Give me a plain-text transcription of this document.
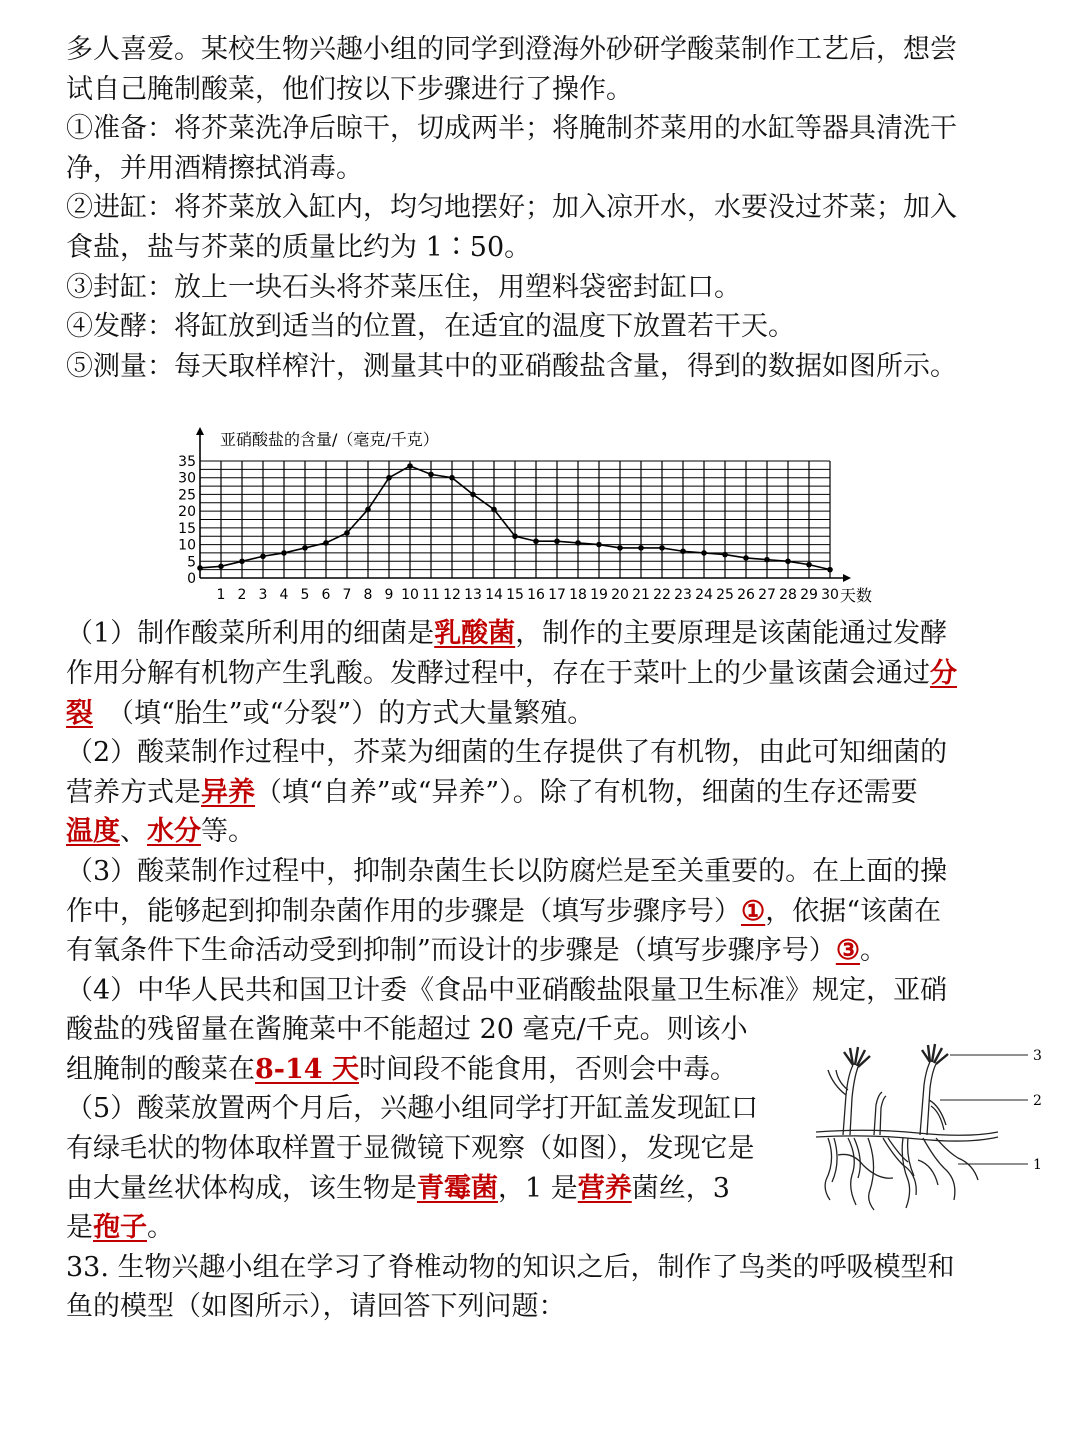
多人喜爱。某校生物兴趣小组的同学到澄海外砂研学酸菜制作工艺后，想尝
试自己腌制酸菜，他们按以下步骤进行了操作。
①准备：将芥菜洗净后晾干，切成两半；将腌制芥菜用的水缸等器具清洗干
净，并用酒精擦拭消毒。
②进缸：将芥菜放入缸内，均匀地摆好；加入凉开水，水要没过芥菜；加入
食盐，盐与芥菜的质量比约为 1∶50。
③封缸：放上一块石头将芥菜压住，用塑料袋密封缸口。
④发酵：将缸放到适当的位置，在适宜的温度下放置若干天。
⑤测量：每天取样榨汁，测量其中的亚硝酸盐含量，得到的数据如图所示。
（1）制作酸菜所利用的细菌是乳酸菌，制作的主要原理是该菌能通过发酵
作用分解有机物产生乳酸。发酵过程中，存在于菜叶上的少量该菌会通过分
裂 （填“胎生”或“分裂”）的方式大量繁殖。
（2）酸菜制作过程中，芥菜为细菌的生存提供了有机物，由此可知细菌的
营养方式是异养（填“自养”或“异养”）。除了有机物，细菌的生存还需要
温度、水分等。
（3）酸菜制作过程中，抑制杂菌生长以防腐烂是至关重要的。在上面的操
作中，能够起到抑制杂菌作用的步骤是（填写步骤序号）①，依据“该菌在
有氧条件下生命活动受到抑制”而设计的步骤是（填写步骤序号）③。
（4）中华人民共和国卫计委《食品中亚硝酸盐限量卫生标准》规定，亚硝
酸盐的残留量在酱腌菜中不能超过 20 毫克/千克。则该小
组腌制的酸菜在8-14 天时间段不能食用，否则会中毒。
（5）酸菜放置两个月后，兴趣小组同学打开缸盖发现缸口
有绿毛状的物体取样置于显微镜下观察（如图），发现它是
由大量丝状体构成，该生物是青霉菌，1 是营养菌丝，3
是孢子。
33. 生物兴趣小组在学习了脊椎动物的知识之后，制作了鸟类的呼吸模型和
鱼的模型（如图所示），请回答下列问题：
0
5
10
15
20
25
30
35
1 2 3 4 5 6 7 8 9 10 11 12 13 14 15 16 17 18 19 20 21 22 23 24 25 26 27 28 29 30
亚硝酸盐的含量/（毫克/千克）
天数
3
2
1
